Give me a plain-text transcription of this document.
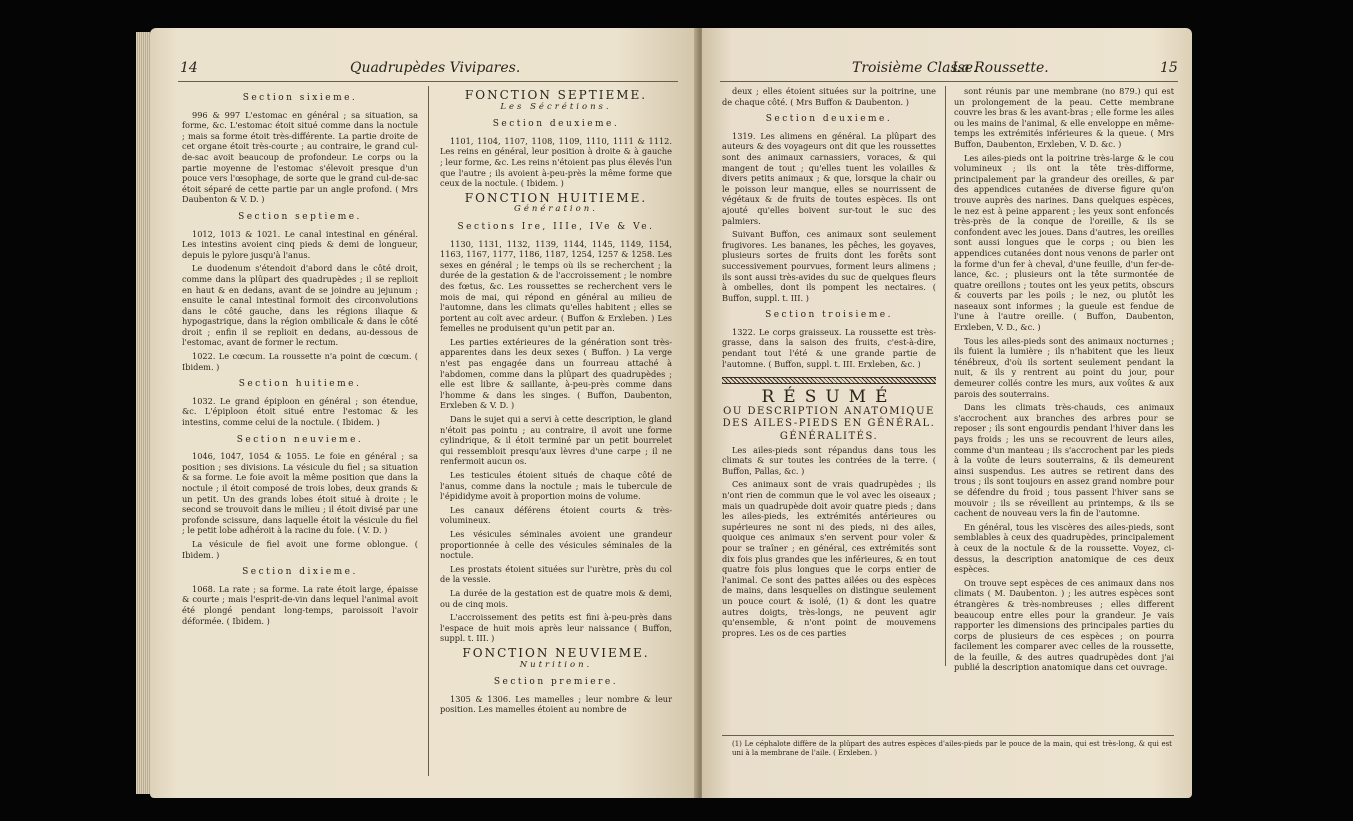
14	Quadrupèdes Vivipares.
Section sixieme.

996 & 997 L'estomac en général ; sa situation, sa forme, &c. L'estomac étoit situé comme dans la noctule ; mais sa forme étoit très-différente. La partie droite de cet organe étoit très-courte ; au contraire, le grand cul-de-sac avoit beaucoup de profondeur. Le corps ou la partie moyenne de l'estomac s'élevoit presque d'un pouce vers l'œsophage, de sorte que le grand cul-de-sac étoit séparé de cette partie par un angle profond. ( Mrs Daubenton & V. D. )

Section septieme.

1012, 1013 & 1021. Le canal intestinal en général. Les intestins avoient cinq pieds & demi de longueur, depuis le pylore jusqu'à l'anus.

Le duodenum s'étendoit d'abord dans le côté droit, comme dans la plûpart des quadrupèdes ; il se replioit en haut & en dedans, avant de se joindre au jejunum ; ensuite le canal intestinal formoit des circonvolutions dans le côté gauche, dans les régions iliaque & hypogastrique, dans la région ombilicale & dans le côté droit ; enfin il se replioit en dedans, au-dessous de l'estomac, avant de former le rectum.

1022. Le cœcum. La roussette n'a point de cœcum. ( Ibidem. )

Section huitieme.

1032. Le grand épiploon en général ; son étendue, &c. L'épiploon étoit situé entre l'estomac & les intestins, comme celui de la noctule. ( Ibidem. )

Section neuvieme.

1046, 1047, 1054 & 1055. Le foie en général ; sa position ; ses divisions. La vésicule du fiel ; sa situation & sa forme. Le foie avoit la même position que dans la noctule ; il étoit composé de trois lobes, deux grands & un petit. Un des grands lobes étoit situé à droite ; le second se trouvoit dans le milieu ; il étoit divisé par une profonde scissure, dans laquelle étoit la vésicule du fiel ; le petit lobe adhéroit à la racine du foie. ( V. D. )

La vésicule de fiel avoit une forme oblongue. ( Ibidem. )

Section dixieme.

1068. La rate ; sa forme. La rate étoit large, épaisse & courte ; mais l'esprit-de-vin dans lequel l'animal avoit été plongé pendant long-temps, paroissoit l'avoir déformée. ( Ibidem. )

FONCTION SEPTIEME.
Les Sécrétions.
Section deuxieme.

1101, 1104, 1107, 1108, 1109, 1110, 1111 & 1112. Les reins en général, leur position à droite & à gauche ; leur forme, &c. Les reins n'étoient pas plus élevés l'un que l'autre ; ils avoient à-peu-près la même forme que ceux de la noctule. ( Ibidem. )

FONCTION HUITIEME.
Génération.
Sections Ire, IIIe, IVe & Ve.

1130, 1131, 1132, 1139, 1144, 1145, 1149, 1154, 1163, 1167, 1177, 1186, 1187, 1254, 1257 & 1258. Les sexes en général ; le temps où ils se recherchent ; la durée de la gestation & de l'accroissement ; le nombre des fœtus, &c. Les roussettes se recherchent vers le mois de mai, qui répond en général au milieu de l'automne, dans les climats qu'elles habitent ; elles se portent au coït avec ardeur. ( Buffon & Erxleben. ) Les femelles ne produisent qu'un petit par an.

Les parties extérieures de la génération sont très-apparentes dans les deux sexes ( Buffon. ) La verge n'est pas engagée dans un fourreau attaché à l'abdomen, comme dans la plûpart des quadrupèdes ; elle est libre & saillante, à-peu-près comme dans l'homme & dans les singes. ( Buffon, Daubenton, Erxleben & V. D. )

Dans le sujet qui a servi à cette description, le gland n'étoit pas pointu ; au contraire, il avoit une forme cylindrique, & il étoit terminé par un petit bourrelet qui ressembloit presqu'aux lèvres d'une carpe ; il ne renfermoit aucun os.

Les testicules étoient situés de chaque côté de l'anus, comme dans la noctule ; mais le tubercule de l'épididyme avoit à proportion moins de volume.

Les canaux déférens étoient courts & très-volumineux.

Les vésicules séminales avoient une grandeur proportionnée à celle des vésicules séminales de la noctule.

Les prostats étoient situées sur l'urètre, près du col de la vessie.

La durée de la gestation est de quatre mois & demi, ou de cinq mois.

L'accroissement des petits est fini à-peu-près dans l'espace de huit mois après leur naissance ( Buffon, suppl. t. III. )

FONCTION NEUVIEME.
Nutrition.
Section premiere.

1305 & 1306. Les mamelles ; leur nombre & leur position. Les mamelles étoient au nombre de

Troisième Classe.
La Roussette.	15

deux ; elles étoient situées sur la poitrine, une de chaque côté. ( Mrs Buffon & Daubenton. )

Section deuxieme.

1319. Les alimens en général. La plûpart des auteurs & des voyageurs ont dit que les roussettes sont des animaux carnassiers, voraces, & qui mangent de tout ; qu'elles tuent les volailles & divers petits animaux ; & que, lorsque la chair ou le poisson leur manque, elles se nourrissent de végétaux & de fruits de toutes espèces. Ils ont ajouté qu'elles boivent sur-tout le suc des palmiers.

Suivant Buffon, ces animaux sont seulement frugivores. Les bananes, les pêches, les goyaves, plusieurs sortes de fruits dont les forêts sont successivement pourvues, forment leurs alimens ; ils sont aussi très-avides du suc de quelques fleurs à ombelles, dont ils pompent les nectaires. ( Buffon, suppl. t. III. )

Section troisieme.

1322. Le corps graisseux. La roussette est très-grasse, dans la saison des fruits, c'est-à-dire, pendant tout l'été & une grande partie de l'automne. ( Buffon, suppl. t. III. Erxleben, &c. )

RÉSUMÉ
OU DESCRIPTION ANATOMIQUE
DES AILES-PIEDS EN GÉNÉRAL.
GÉNÉRALITÉS.

Les ailes-pieds sont répandus dans tous les climats & sur toutes les contrées de la terre. ( Buffon, Pallas, &c. )

Ces animaux sont de vrais quadrupèdes ; ils n'ont rien de commun que le vol avec les oiseaux ; mais un quadrupède doit avoir quatre pieds ; dans les ailes-pieds, les extrémités antérieures ou supérieures ne sont ni des pieds, ni des ailes, quoique ces animaux s'en servent pour voler & pour se traîner ; en général, ces extrémités sont dix fois plus grandes que les inférieures, & en tout quatre fois plus longues que le corps entier de l'animal. Ce sont des pattes ailées ou des espèces de mains, dans lesquelles on distingue seulement un pouce court & isolé, (1) & dont les quatre autres doigts, très-longs, ne peuvent agir qu'ensemble, & n'ont point de mouvemens propres. Les os de ces parties

sont réunis par une membrane (no 879.) qui est un prolongement de la peau. Cette membrane couvre les bras & les avant-bras ; elle forme les ailes ou les mains de l'animal, & elle enveloppe en même-temps les extrémités inférieures & la queue. ( Mrs Buffon, Daubenton, Erxleben, V. D. &c. )

Les ailes-pieds ont la poitrine très-large & le cou volumineux ; ils ont la tête très-difforme, principalement par la grandeur des oreilles, & par des appendices cutanées de diverse figure qu'on trouve auprès des narines. Dans quelques espèces, le nez est à peine apparent ; les yeux sont enfoncés très-près de la conque de l'oreille, & ils se confondent avec les joues. Dans d'autres, les oreilles sont aussi longues que le corps ; ou bien les appendices cutanées dont nous venons de parler ont la forme d'un fer à cheval, d'une feuille, d'un fer-de-lance, &c. ; plusieurs ont la tête surmontée de quatre oreillons ; toutes ont les yeux petits, obscurs & couverts par les poils ; le nez, ou plutôt les naseaux sont informes ; la gueule est fendue de l'une à l'autre oreille. ( Buffon, Daubenton, Erxleben, V. D., &c. )

Tous les ailes-pieds sont des animaux nocturnes ; ils fuient la lumière ; ils n'habitent que les lieux ténébreux, d'où ils sortent seulement pendant la nuit, & ils y rentrent au point du jour, pour demeurer collés contre les murs, aux voûtes & aux parois des souterrains.

Dans les climats très-chauds, ces animaux s'accrochent aux branches des arbres pour se reposer ; ils sont engourdis pendant l'hiver dans les pays froids ; les uns se recouvrent de leurs ailes, comme d'un manteau ; ils s'accrochent par les pieds à la voûte de leurs souterrains, & ils demeurent ainsi suspendus. Les autres se retirent dans des trous ; ils sont toujours en assez grand nombre pour se défendre du froid ; tous passent l'hiver sans se mouvoir ; ils se réveillent au printemps, & ils se cachent de nouveau vers la fin de l'automne.

En général, tous les viscères des ailes-pieds, sont semblables à ceux des quadrupèdes, principalement à ceux de la noctule & de la roussette. Voyez, ci-dessus, la description anatomique de ces deux espèces.

On trouve sept espèces de ces animaux dans nos climats ( M. Daubenton. ) ; les autres espèces sont étrangères & très-nombreuses ; elles different beaucoup entre elles pour la grandeur. Je vais rapporter les dimensions des principales parties du corps de plusieurs de ces espèces ; on pourra facilement les comparer avec celles de la roussette, de la feuille, & des autres quadrupèdes dont j'ai publié la description anatomique dans cet ouvrage.

(1) Le céphalote diffère de la plûpart des autres espèces d'ailes-pieds par le pouce de la main, qui est très-long, & qui est uni à la membrane de l'aile. ( Erxleben. )
